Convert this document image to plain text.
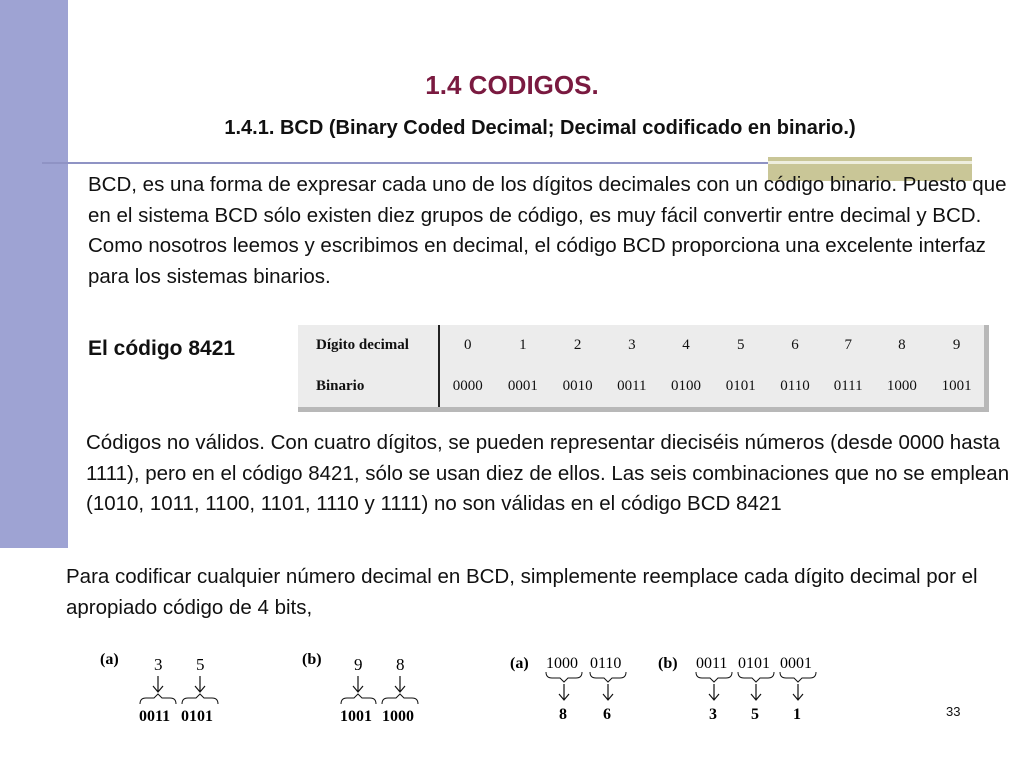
1.4 CODIGOS.
1.4.1. BCD (Binary Coded Decimal; Decimal codificado en binario.)

BCD, es una forma de expresar cada uno de los dígitos decimales con un código binario. Puesto que en el sistema BCD sólo existen diez grupos de código, es muy fácil convertir entre decimal y BCD. Como nosotros leemos y escribimos en decimal, el código BCD proporciona una excelente interfaz para los sistemas binarios.

El código 8421	Dígito decimal	0	1	2	3	4	5	6	7	8	9
Binario	0000	0001	0010	0011	0100	0101	0110	0111	1000	1001

Códigos no válidos. Con cuatro dígitos, se pueden representar dieciséis números (desde 0000 hasta 1111), pero en el código 8421, sólo se usan diez de ellos. Las seis combinaciones que no se emplean (1010, 1011, 1100, 1101, 1110 y 1111) no son válidas en el código BCD 8421

Para codificar cualquier número decimal en BCD, simplemente reemplace cada dígito decimal por el apropiado código de 4 bits,

(a) 3 5
0011 0101
(b) 9 8
1001 1000
(a) 1000 0110
8 6
(b) 0011 0101 0001
3 5 1	33
